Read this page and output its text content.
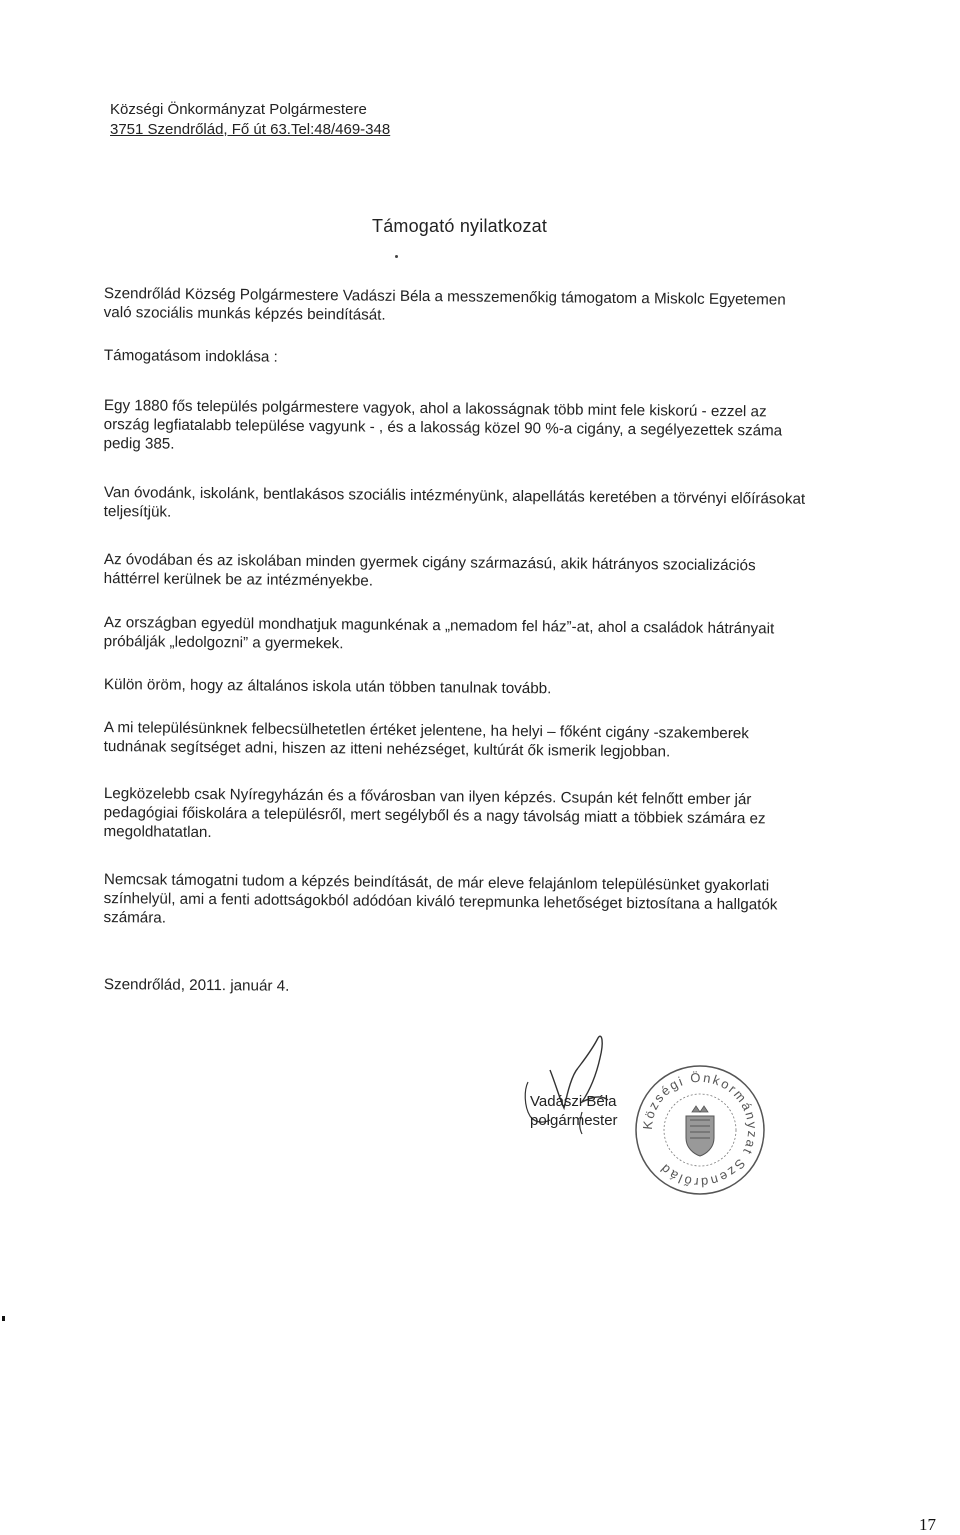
Községi Önkormányzat Polgármestere
3751 Szendrőlád, Fő út 63.Tel:48/469-348
Támogató nyilatkozat
Szendrőlád Község Polgármestere Vadászi Béla a messzemenőkig támogatom a Miskolc Egyetemen való szociális munkás képzés beindítását.
Támogatásom indoklása :
Egy 1880 fős település polgármestere vagyok, ahol a lakosságnak több mint fele kiskorú - ezzel az ország legfiatalabb települése vagyunk - , és a lakosság közel 90 %-a cigány, a segélyezettek száma pedig 385.
Van óvodánk, iskolánk, bentlakásos szociális intézményünk, alapellátás keretében a törvényi előírásokat teljesítjük.
Az óvodában és az iskolában minden gyermek cigány származású, akik hátrányos szocializációs háttérrel kerülnek be az intézményekbe.
Az országban egyedül mondhatjuk magunkénak a „nemadom fel ház”-at, ahol a családok hátrányait próbálják „ledolgozni” a gyermekek.
Külön öröm, hogy az általános iskola után többen tanulnak tovább.
A mi településünknek felbecsülhetetlen értéket jelentene, ha helyi – főként cigány -szakemberek tudnának segítséget adni, hiszen az itteni nehézséget, kultúrát ők ismerik legjobban.
Legközelebb csak Nyíregyházán és a fővárosban van ilyen képzés. Csupán két felnőtt ember jár pedagógiai főiskolára a településről, mert segélyből és a nagy távolság miatt a többiek számára ez megoldhatatlan.
Nemcsak támogatni tudom a képzés beindítását, de már eleve felajánlom településünket gyakorlati színhelyül, ami a fenti adottságokból adódóan kiváló terepmunka lehetőséget biztosítana a hallgatók számára.
Szendrőlád, 2011. január 4.
Vadászi Béla
polgármester Községi Önkormányzat Szendrőlád
17
